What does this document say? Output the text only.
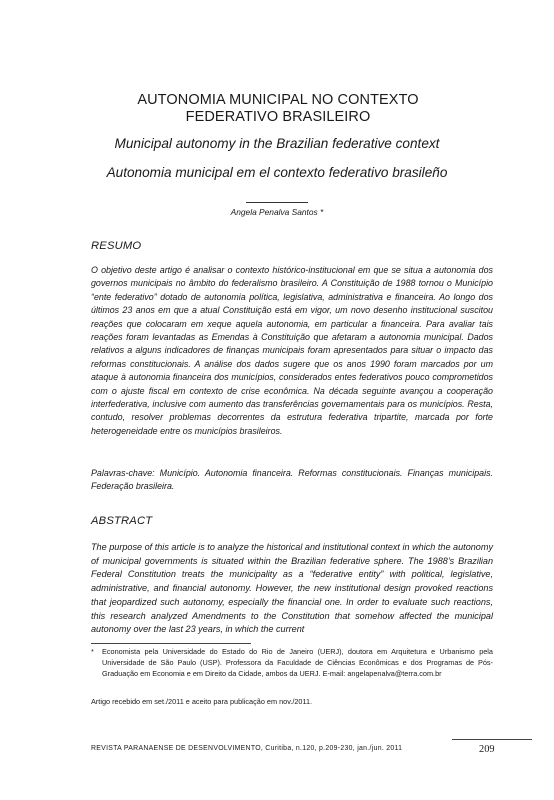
AUTONOMIA MUNICIPAL NO CONTEXTO
FEDERATIVO BRASILEIRO
Municipal autonomy in the Brazilian federative context
Autonomia municipal em el contexto federativo brasileño
Angela Penalva Santos *
RESUMO

O objetivo deste artigo é analisar o contexto histórico-institucional em que se situa a autonomia dos governos municipais no âmbito do federalismo brasileiro. A Constituição de 1988 tornou o Município “ente federativo” dotado de autonomia política, legislativa, administrativa e financeira. Ao longo dos últimos 23 anos em que a atual Constituição está em vigor, um novo desenho institucional suscitou reações que colocaram em xeque aquela autonomia, em particular a financeira. Para avaliar tais reações foram levantadas as Emendas à Constituição que afetaram a autonomia municipal. Dados relativos a alguns indicadores de finanças municipais foram apresentados para situar o impacto das reformas constitucionais. A análise dos dados sugere que os anos 1990 foram marcados por um ataque à autonomia financeira dos municípios, considerados entes federativos pouco comprometidos com o ajuste fiscal em contexto de crise econômica. Na década seguinte avançou a cooperação interfederativa, inclusive com aumento das transferências governamentais para os municípios. Resta, contudo, resolver problemas decorrentes da estrutura federativa tripartite, marcada por forte heterogeneidade entre os municípios brasileiros.

Palavras-chave: Município. Autonomia financeira. Reformas constitucionais. Finanças municipais. Federação brasileira.

ABSTRACT

The purpose of this article is to analyze the historical and institutional context in which the autonomy of municipal governments is situated within the Brazilian federative sphere. The 1988’s Brazilian Federal Constitution treats the municipality as a “federative entity” with political, legislative, administrative, and financial autonomy. However, the new institutional design provoked reactions that jeopardized such autonomy, especially the financial one. In order to evaluate such reactions, this research analyzed Amendments to the Constitution that somehow affected the municipal autonomy over the last 23 years, in which the current

*	Economista pela Universidade do Estado do Rio de Janeiro (UERJ), doutora em Arquitetura e Urbanismo pela Universidade de São Paulo (USP). Professora da Faculdade de Ciências Econômicas e dos Programas de Pós-Graduação em Economia e em Direito da Cidade, ambos da UERJ. E-mail: angelapenalva@terra.com.br
Artigo recebido em set./2011 e aceito para publicação em nov./2011.
REVISTA PARANAENSE DE DESENVOLVIMENTO, Curitiba, n.120, p.209-230, jan./jun. 2011	209
